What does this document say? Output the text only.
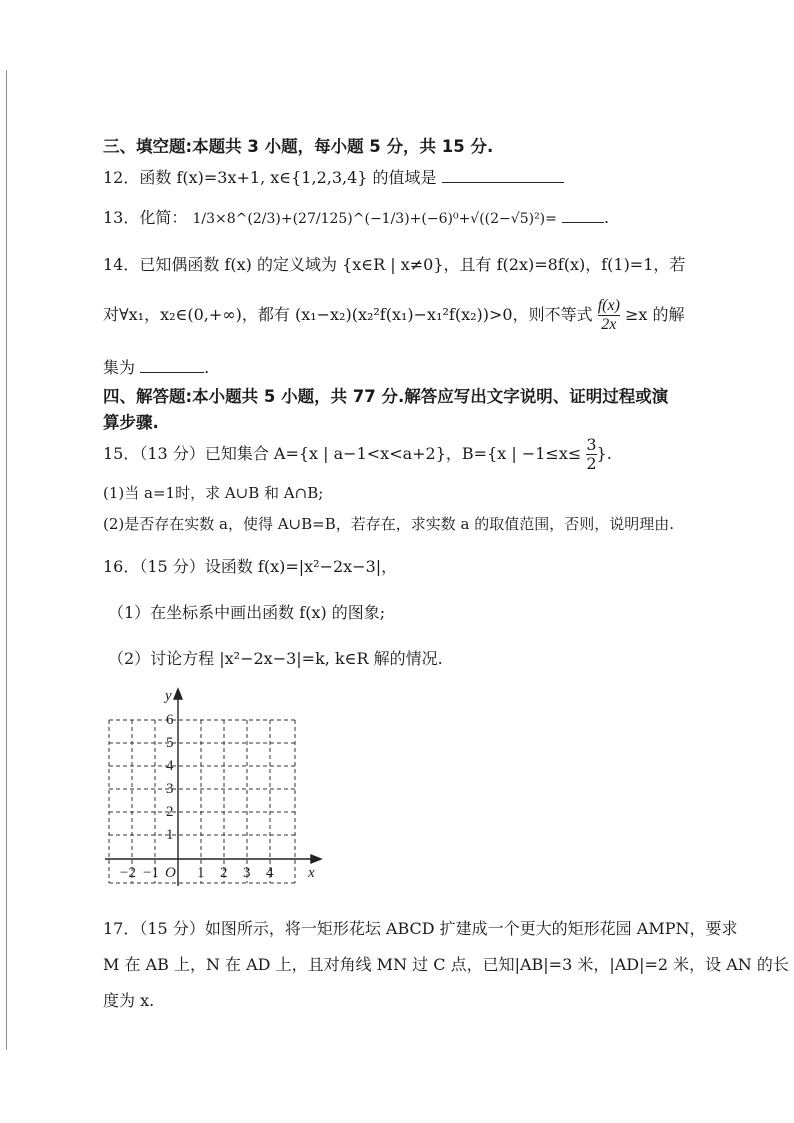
三、填空题:本题共 3 小题，每小题 5 分，共 15 分.
12．函数 f(x)=3x+1, x∈{1,2,3,4} 的值域是
13．化简： 1/3×8^(2/3)+(27/125)^(−1/3)+(−6)⁰+√((2−√5)²)=	.
14．已知偶函数 f(x) 的定义域为 {x∈R | x≠0}，且有 f(2x)=8f(x)，f(1)=1，若
对∀x₁，x₂∈(0,+∞)，都有 (x₁−x₂)(x₂²f(x₁)−x₁²f(x₂))>0，则不等式 $\frac{f(x)}{2x} \ge x$ 的解
集为	.
四、解答题:本小题共 5 小题，共 77 分.解答应写出文字说明、证明过程或演
算步骤.
15．（13 分）已知集合 A={x | a−1<x<a+2}，B={x | $-1\le x\le \frac{3}{2}$ }.
(1)当 a=1时，求 A∪B 和 A∩B;
(2)是否存在实数 a，使得 A∪B=B，若存在，求实数 a 的取值范围，否则，说明理由.
16．（15 分）设函数 f(x)=|x²−2x−3|，
（1）在坐标系中画出函数 f(x) 的图象;
（2）讨论方程 |x²−2x−3|=k, k∈R 解的情况.
y
x
O
1
2
3
4
5
6
−2 −1	1 2 3 4
17．（15 分）如图所示，将一矩形花坛 ABCD 扩建成一个更大的矩形花园 AMPN，要求
M 在 AB 上，N 在 AD 上，且对角线 MN 过 C 点，已知|AB|=3 米，|AD|=2 米，设 AN 的长
度为 x.
